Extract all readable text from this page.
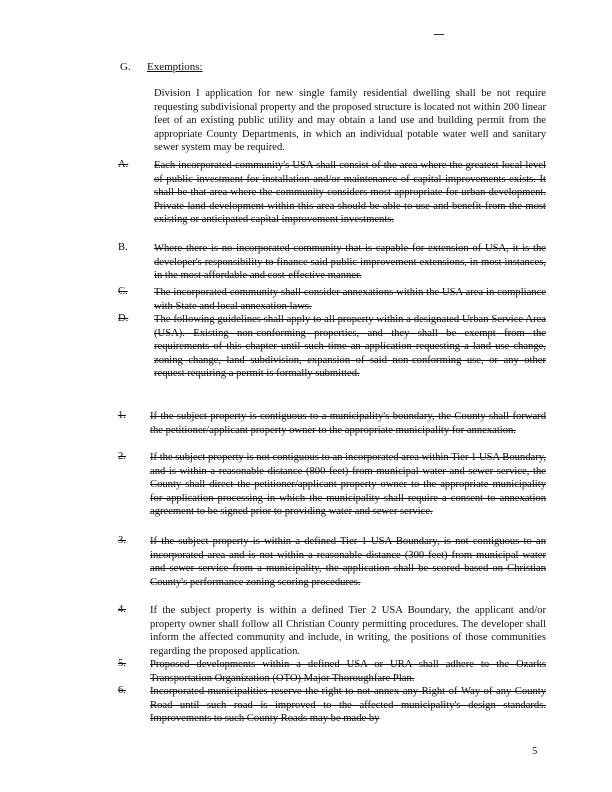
G. Exemptions:
Division I application for new single family residential dwelling shall be not require requesting subdivisional property and the proposed structure is located not within 200 linear feet of an existing public utility and may obtain a land use and building permit from the appropriate County Departments, in which an individual potable water well and sanitary sewer system may be required.
A. Each incorporated community's USA shall consist of the area where the greatest local level of public investment for installation and/or maintenance of capital improvements exists. It shall be that area where the community considers most appropriate for urban development. Private land development within this area should be able to use and benefit from the most existing or anticipated capital improvement investments.
B. Where there is no incorporated community that is capable for extension of USA, it is the developer's responsibility to finance said public improvement extensions, in most instances, in the most affordable and cost-effective manner.
C. The incorporated community shall consider annexations within the USA area in compliance with State and local annexation laws.
D. The following guidelines shall apply to all property within a designated Urban Service Area (USA). Existing non-conforming properties, and they shall be exempt from the requirements of this chapter until such time an application requesting a land use change, zoning change, land subdivision, expansion of said non-conforming use, or any other request requiring a permit is formally submitted.
1. If the subject property is contiguous to a municipality's boundary, the County shall forward the petitioner/applicant property owner to the appropriate municipality for annexation.
2. If the subject property is not contiguous to an incorporated area within Tier 1 USA Boundary, and is within a reasonable distance (800 feet) from municipal water and sewer service, the County shall direct the petitioner/applicant property owner to the appropriate municipality for application processing in which the municipality shall require a consent to annexation agreement to be signed prior to providing water and sewer service.
3. If the subject property is within a defined Tier 1 USA Boundary, is not contiguous to an incorporated area and is not within a reasonable distance (300 feet) from municipal water and sewer service from a municipality, the application shall be scored based on Christian County's performance zoning scoring procedures.
4. If the subject property is within a defined Tier 2 USA Boundary, the applicant and/or property owner shall follow all Christian County permitting procedures. The developer shall inform the affected community and include, in writing, the positions of those communities regarding the proposed application.
5. Proposed developments within a defined USA or URA shall adhere to the Ozarks Transportation Organization (OTO) Major Thoroughfare Plan.
6. Incorporated municipalities reserve the right to not annex any Right-of-Way of any County Road until such road is improved to the affected municipality's design standards. Improvements to such County Roads may be made by
5
